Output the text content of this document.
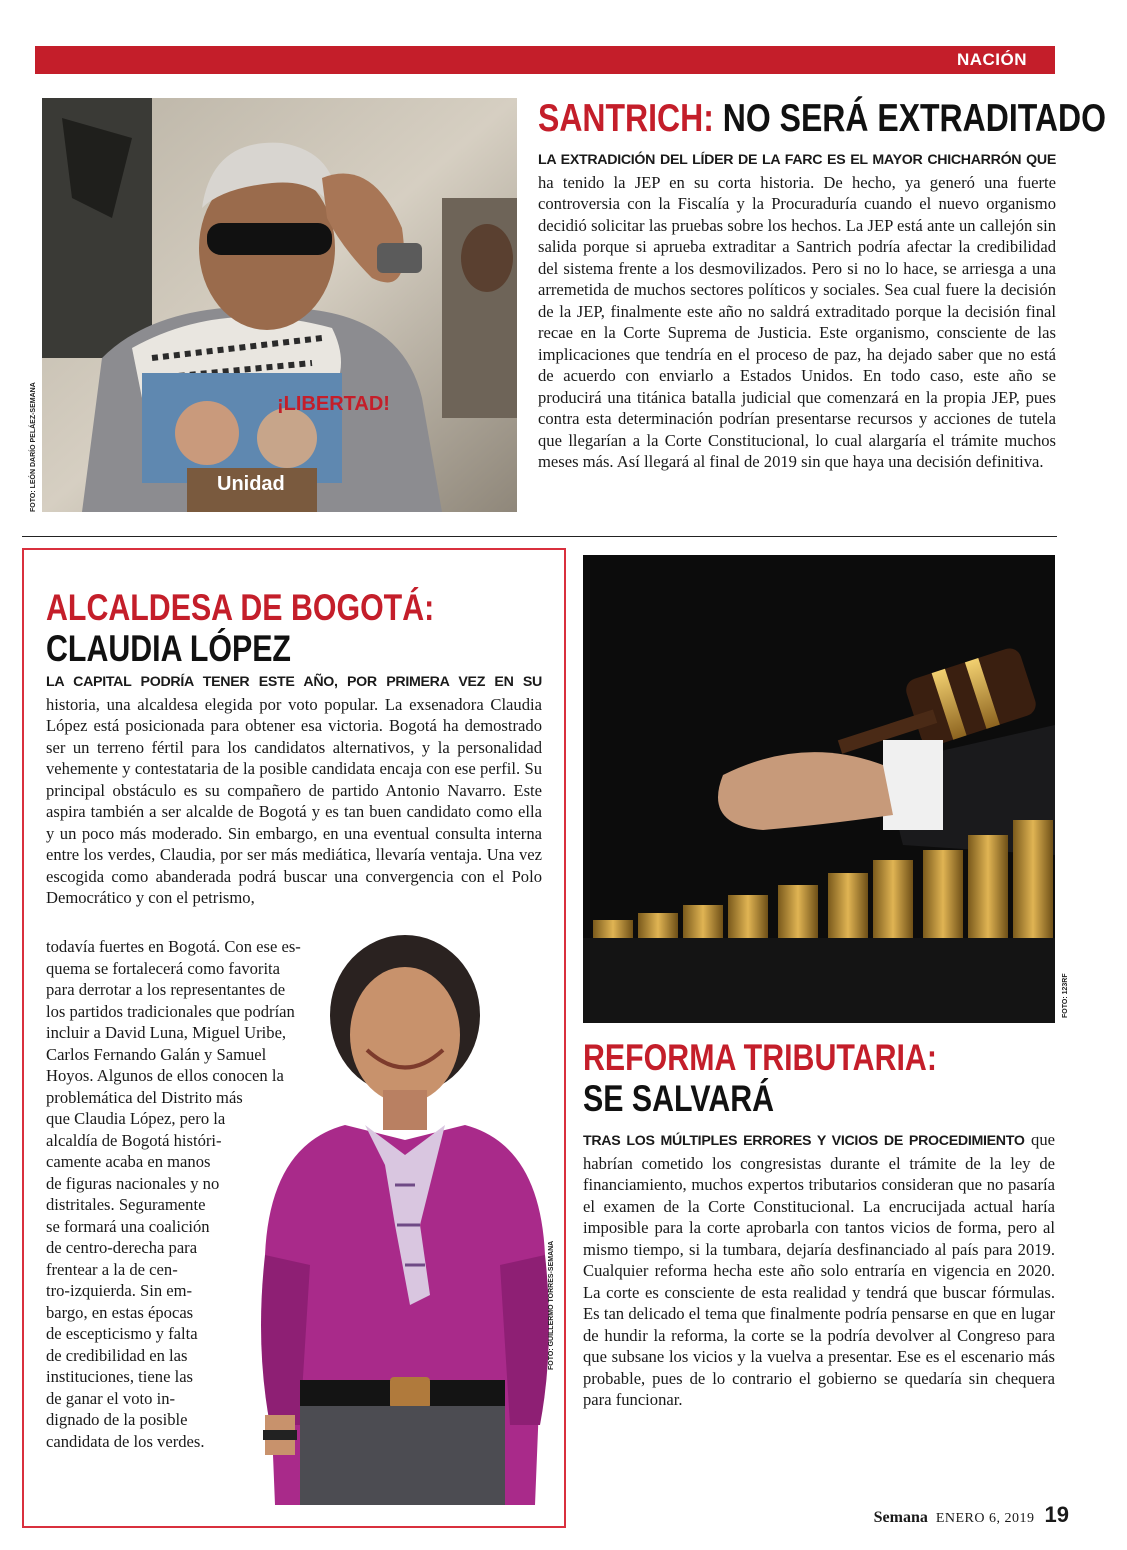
NACIÓN
¡LIBERTAD!
Unidad
FOTO: LEÓN DARÍO PELÁEZ-SEMANA
SANTRICH: NO SERÁ EXTRADITADO
LA EXTRADICIÓN DEL LÍDER DE LA FARC ES EL MAYOR CHICHARRÓN QUE ha tenido la JEP en su corta historia. De hecho, ya generó una fuerte controversia con la Fiscalía y la Procuraduría cuando el nuevo organismo decidió solicitar las pruebas sobre los hechos. La JEP está ante un callejón sin salida porque si aprueba extraditar a Santrich podría afectar la credibilidad del sistema frente a los desmovilizados. Pero si no lo hace, se arriesga a una arremetida de muchos sectores políticos y sociales. Sea cual fuere la decisión de la JEP, finalmente este año no saldrá extraditado porque la decisión final recae en la Corte Suprema de Justicia. Este organismo, consciente de las implicaciones que tendría en el proceso de paz, ha dejado saber que no está de acuerdo con enviarlo a Estados Unidos. En todo caso, este año se producirá una titánica batalla judicial que comenzará en la propia JEP, pues contra esta determinación podrían presentarse recursos y acciones de tutela que llegarían a la Corte Constitucional, lo cual alargaría el trámite muchos meses más. Así llegará al final de 2019 sin que haya una decisión definitiva.
ALCALDESA DE BOGOTÁ:
CLAUDIA LÓPEZ
LA CAPITAL PODRÍA TENER ESTE AÑO, POR PRIMERA VEZ EN SU historia, una alcaldesa elegida por voto popular. La exsenadora Claudia López está posicionada para obtener esa victoria. Bogotá ha demostrado ser un terreno fértil para los candidatos alternativos, y la personalidad vehemente y contestataria de la posible candidata encaja con ese perfil. Su principal obstáculo es su compañero de partido Antonio Navarro. Este aspira también a ser alcalde de Bogotá y es tan buen candidato como ella y un poco más moderado. Sin embargo, en una eventual consulta interna entre los verdes, Claudia, por ser más mediática, llevaría ventaja. Una vez escogida como abanderada podrá buscar una convergencia con el Polo Democrático y con el petrismo,
FOTO: GUILLERMO TORRES-SEMANA
todavía fuertes en Bogotá. Con ese es-
quema se fortalecerá como favorita
para derrotar a los representantes de
los partidos tradicionales que podrían
incluir a David Luna, Miguel Uribe,
Carlos Fernando Galán y Samuel
Hoyos. Algunos de ellos conocen la
problemática del Distrito más
que Claudia López, pero la
alcaldía de Bogotá históri-
camente acaba en manos
de figuras nacionales y no
distritales. Seguramente
se formará una coalición
de centro-derecha para
frentear a la de cen-
tro-izquierda. Sin em-
bargo, en estas épocas
de escepticismo y falta
de credibilidad en las
instituciones, tiene las
de ganar el voto in-
dignado de la posible
candidata de los verdes.
FOTO: 123RF
REFORMA TRIBUTARIA:
SE SALVARÁ
TRAS LOS MÚLTIPLES ERRORES Y VICIOS DE PROCEDIMIENTO que habrían cometido los congresistas durante el trámite de la ley de financiamiento, muchos expertos tributarios consideran que no pasaría el examen de la Corte Constitucional. La encrucijada actual haría imposible para la corte aprobarla con tantos vicios de forma, pero al mismo tiempo, si la tumbara, dejaría desfinanciado al país para 2019. Cualquier reforma hecha este año solo entraría en vigencia en 2020. La corte es consciente de esta realidad y tendrá que buscar fórmulas. Es tan delicado el tema que finalmente podría pensarse en que en lugar de hundir la reforma, la corte se la podría devolver al Congreso para que subsane los vicios y la vuelva a presentar. Ese es el escenario más probable, pues de lo contrario el gobierno se quedaría sin chequera para funcionar.
Semana ENERO 6, 2019 19
